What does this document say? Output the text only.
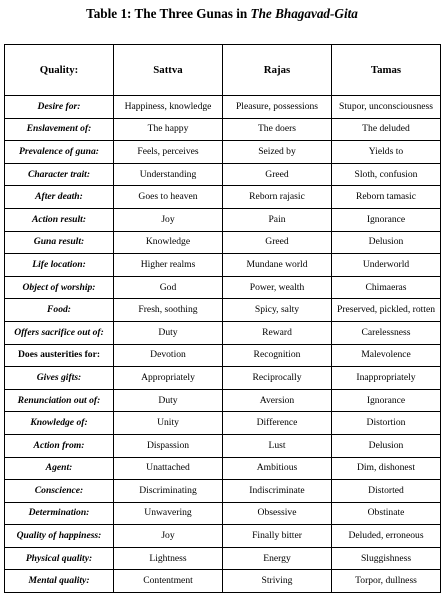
Table 1: The Three Gunas in The Bhagavad-Gita
Quality:	Sattva	Rajas	Tamas
Desire for:	Happiness, knowledge	Pleasure, possessions	Stupor, unconsciousness
Enslavement of:	The happy	The doers	The deluded
Prevalence of guna:	Feels, perceives	Seized by	Yields to
Character trait:	Understanding	Greed	Sloth, confusion
After death:	Goes to heaven	Reborn rajasic	Reborn tamasic
Action result:	Joy	Pain	Ignorance
Guna result:	Knowledge	Greed	Delusion
Life location:	Higher realms	Mundane world	Underworld
Object of worship:	God	Power, wealth	Chimaeras
Food:	Fresh, soothing	Spicy, salty	Preserved, pickled, rotten
Offers sacrifice out of:	Duty	Reward	Carelessness
Does austerities for:	Devotion	Recognition	Malevolence
Gives gifts:	Appropriately	Reciprocally	Inappropriately
Renunciation out of:	Duty	Aversion	Ignorance
Knowledge of:	Unity	Difference	Distortion
Action from:	Dispassion	Lust	Delusion
Agent:	Unattached	Ambitious	Dim, dishonest
Conscience:	Discriminating	Indiscriminate	Distorted
Determination:	Unwavering	Obsessive	Obstinate
Quality of happiness:	Joy	Finally bitter	Deluded, erroneous
Physical quality:	Lightness	Energy	Sluggishness
Mental quality:	Contentment	Striving	Torpor, dullness
